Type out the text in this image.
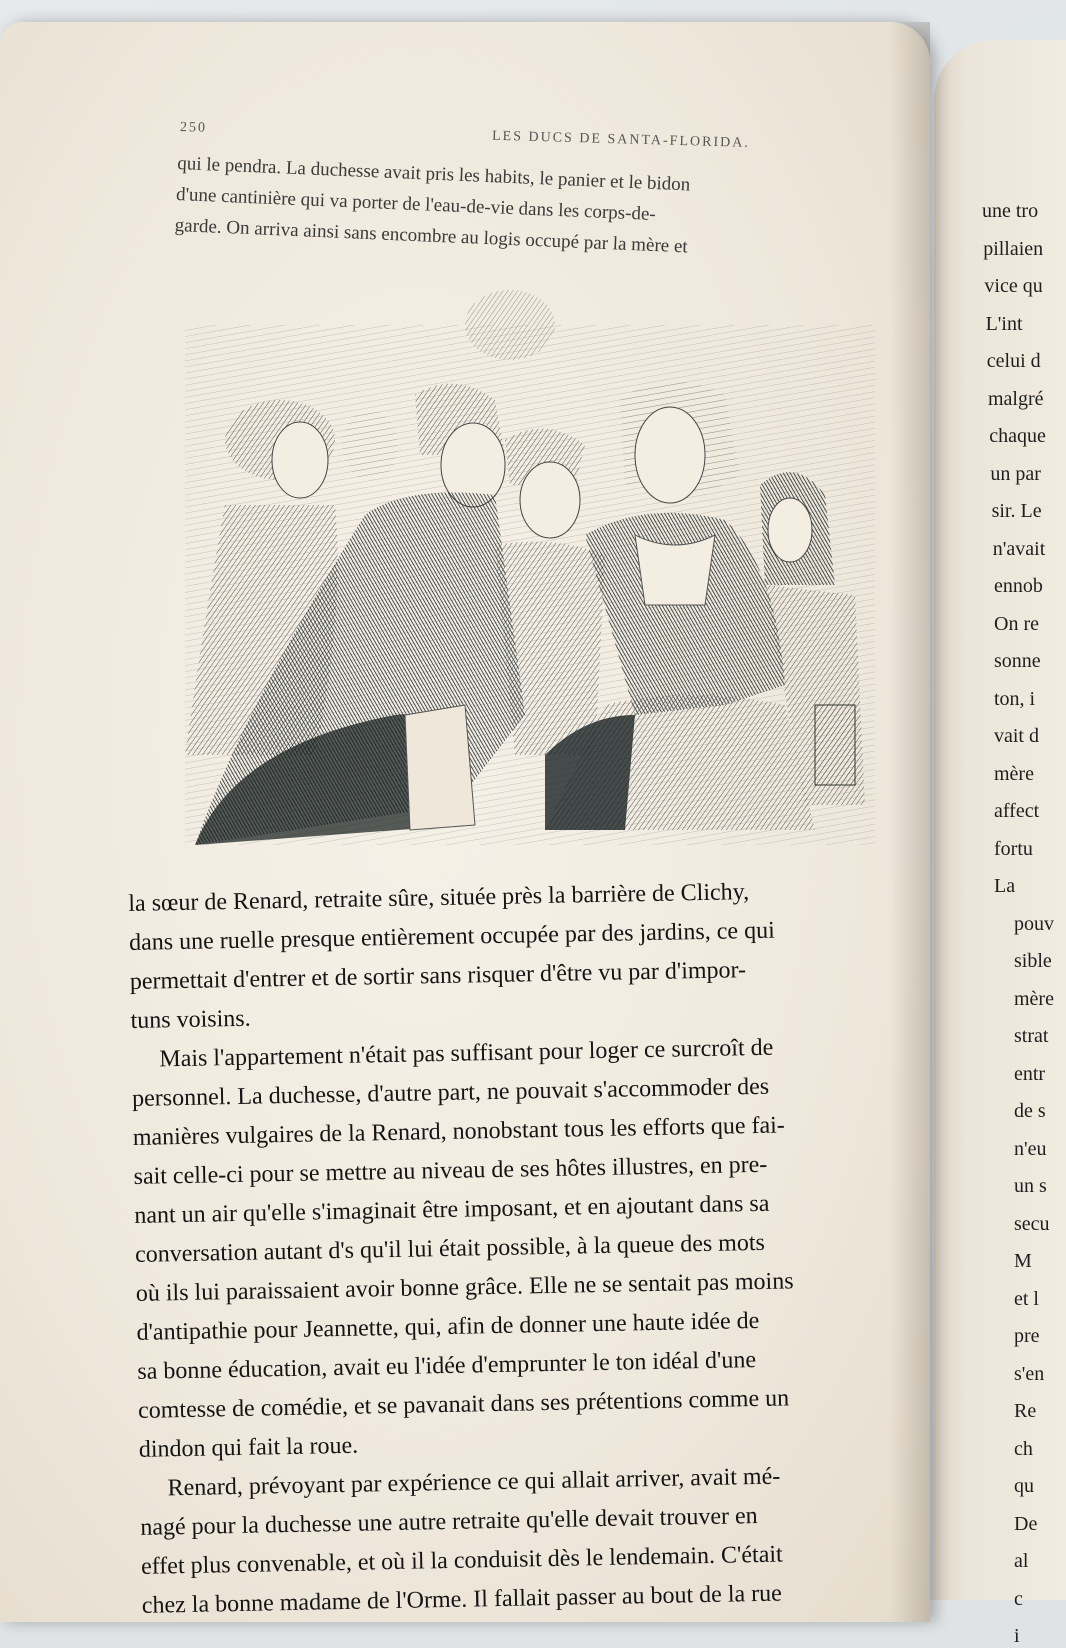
une tro
pillaien
vice qu
L'int
celui d
malgré
chaque
un par
sir. Le
n'avait
ennob
On re
sonne
ton, i
vait d
mère
affect
fortu
La
pouv
sible
mère
strat
entr
de s
n'eu
un s
secu
M
et l
pre
s'en
Re
ch
qu
De
al
c
i
250
LES DUCS DE SANTA-FLORIDA.

qui le pendra. La duchesse avait pris les habits, le panier et le bidon

d'une cantinière qui va porter de l'eau-de-vie dans les corps-de-

garde. On arriva ainsi sans encombre au logis occupé par la mère et

la sœur de Renard, retraite sûre, située près la barrière de Clichy,

dans une ruelle presque entièrement occupée par des jardins, ce qui

permettait d'entrer et de sortir sans risquer d'être vu par d'impor-

tuns voisins.

Mais l'appartement n'était pas suffisant pour loger ce surcroît de

personnel. La duchesse, d'autre part, ne pouvait s'accommoder des

manières vulgaires de la Renard, nonobstant tous les efforts que fai-

sait celle-ci pour se mettre au niveau de ses hôtes illustres, en pre-

nant un air qu'elle s'imaginait être imposant, et en ajoutant dans sa

conversation autant d's qu'il lui était possible, à la queue des mots

où ils lui paraissaient avoir bonne grâce. Elle ne se sentait pas moins

d'antipathie pour Jeannette, qui, afin de donner une haute idée de

sa bonne éducation, avait eu l'idée d'emprunter le ton idéal d'une

comtesse de comédie, et se pavanait dans ses prétentions comme un

dindon qui fait la roue.

Renard, prévoyant par expérience ce qui allait arriver, avait mé-

nagé pour la duchesse une autre retraite qu'elle devait trouver en

effet plus convenable, et où il la conduisit dès le lendemain. C'était

chez la bonne madame de l'Orme. Il fallait passer au bout de la rue
